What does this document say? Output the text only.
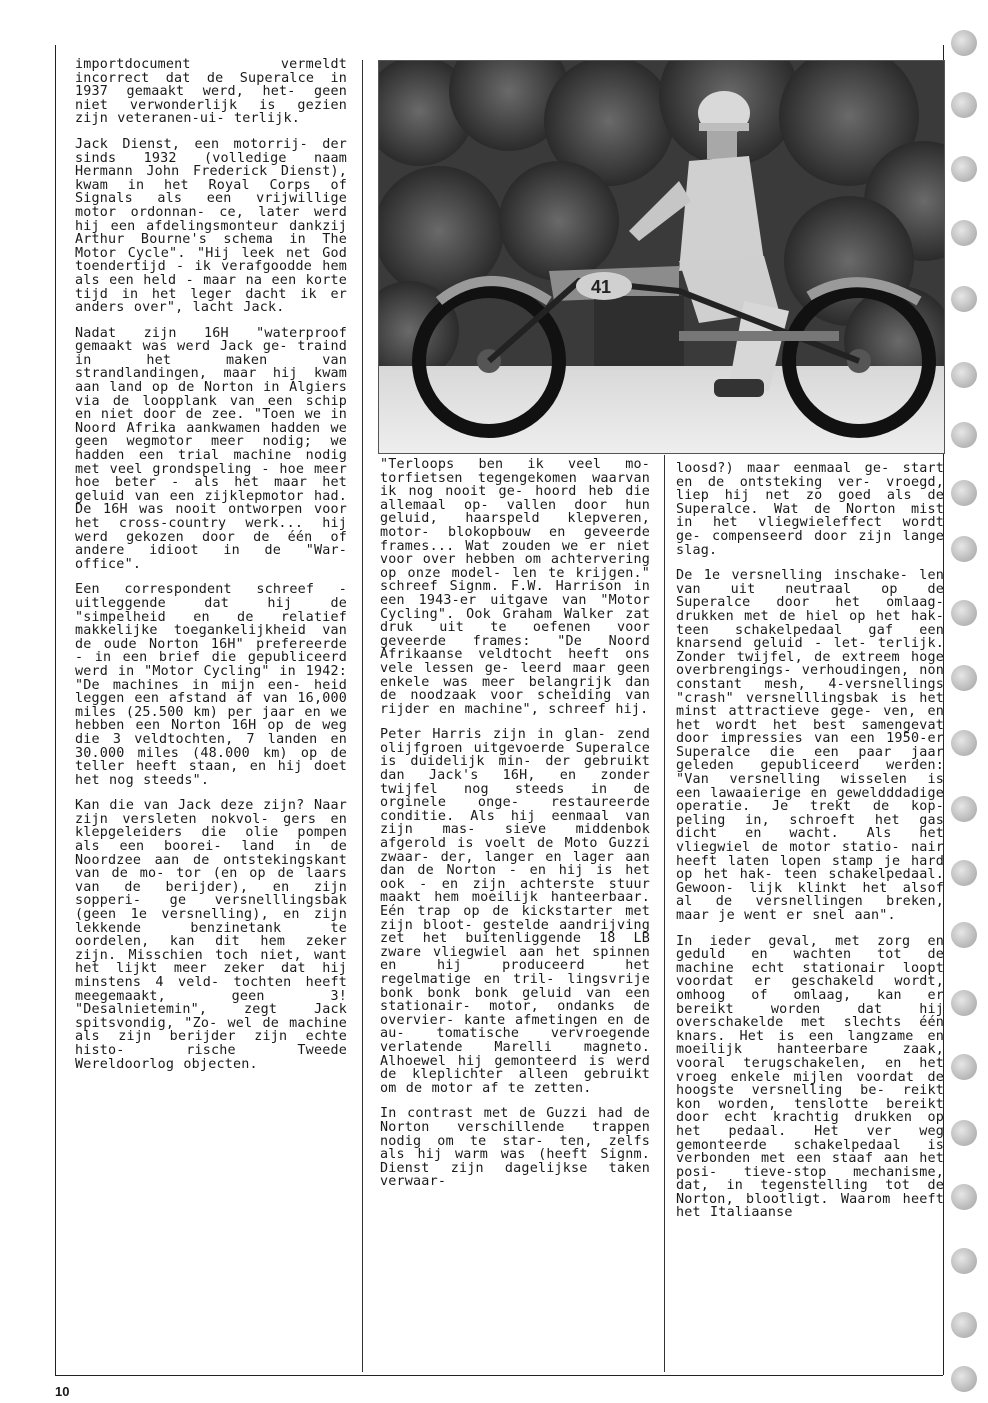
importdocument vermeldt incorrect dat de Superalce in 1937 gemaakt werd, het- geen niet verwonderlijk is gezien zijn veteranen-ui- terlijk.

Jack Dienst, een motorrij- der sinds 1932 (volledige naam Hermann John Frederick Dienst), kwam in het Royal Corps of Signals als een vrijwillige motor ordonnan- ce, later werd hij een afdelingsmonteur dankzij Arthur Bourne's schema in The Motor Cycle". "Hij leek net God toendertijd - ik verafgoodde hem als een held - maar na een korte tijd in het leger dacht ik er anders over", lacht Jack.

Nadat zijn 16H "waterproof gemaakt was werd Jack ge- traind in het maken van strandlandingen, maar hij kwam aan land op de Norton in Algiers via de loopplank van een schip en niet door de zee. "Toen we in Noord Afrika aankwamen hadden we geen wegmotor meer nodig; we hadden een trial machine nodig met veel grondspeling - hoe meer hoe beter - als het maar het geluid van een zijklepmotor had. De 16H was nooit ontworpen voor het cross-country werk... hij werd gekozen door de één of andere idioot in de "War-office".

Een correspondent schreef - uitleggende dat hij de "simpelheid en de relatief makkelijke toegankelijkheid van de oude Norton 16H" prefereerde - in een brief die gepubliceerd werd in "Motor Cycling" in 1942: "De machines in mijn een- heid leggen een afstand af van 16,000 miles (25.500 km) per jaar en we hebben een Norton 16H op de weg die 3 veldtochten, 7 landen en 30.000 miles (48.000 km) op de teller heeft staan, en hij doet het nog steeds".

Kan die van Jack deze zijn? Naar zijn versleten nokvol- gers en klepgeleiders die olie pompen als een boorei- land in de Noordzee aan de ontstekingskant van de mo- tor (en op de laars van de berijder), en zijn sopperi- ge versnelllingsbak (geen 1e versnelling), en zijn lekkende benzinetank te oordelen, kan dit hem zeker zijn. Misschien toch niet, want het lijkt meer zeker dat hij minstens 4 veld- tochten heeft meegemaakt, geen 3! "Desalnietemin", zegt Jack spitsvondig, "Zo- wel de machine als zijn berijder zijn echte histo- rische Tweede Wereldoorlog objecten.

41

"Terloops ben ik veel mo- torfietsen tegengekomen waarvan ik nog nooit ge- hoord heb die allemaal op- vallen door hun geluid, haarspeld klepveren, motor- blokopbouw en geveerde frames... Wat zouden we er niet voor over hebben om achtervering op onze model- len te krijgen." schreef Signm. F.W. Harrison in een 1943-er uitgave van "Motor Cycling". Ook Graham Walker zat druk uit te oefenen voor geveerde frames: "De Noord Afrikaanse veldtocht heeft ons vele lessen ge- leerd maar geen enkele was meer belangrijk dan de noodzaak voor scheiding van rijder en machine", schreef hij.

Peter Harris zijn in glan- zend olijfgroen uitgevoerde Superalce is duidelijk min- der gebruikt dan Jack's 16H, en zonder twijfel nog steeds in de orginele onge- restaureerde conditie. Als hij eenmaal van zijn mas- sieve middenbok afgerold is voelt de Moto Guzzi zwaar- der, langer en lager aan dan de Norton - en hij is het ook - en zijn achterste stuur maakt hem moeilijk hanteerbaar. Eén trap op de kickstarter met zijn bloot- gestelde aandrijving zet het buitenliggende 18 LB zware vliegwiel aan het spinnen en hij produceerd het regelmatige en tril- lingsvrije bonk bonk bonk geluid van een stationair- motor, ondanks de overvier- kante afmetingen en de au- tomatische vervroegende verlatende Marelli magneto. Alhoewel hij gemonteerd is werd de kleplichter alleen gebruikt om de motor af te zetten.

In contrast met de Guzzi had de Norton verschillende trappen nodig om te star- ten, zelfs als hij warm was (heeft Signm. Dienst zijn dagelijkse taken verwaar-

loosd?) maar eenmaal ge- start en de ontsteking ver- vroegd, liep hij net zo goed als de Superalce. Wat de Norton mist in het vliegwieleffect wordt ge- compenseerd door zijn lange slag.

De 1e versnelling inschake- len van uit neutraal op de Superalce door het omlaag- drukken met de hiel op het hak-teen schakelpedaal gaf een knarsend geluid - let- terlijk. Zonder twijfel, de extreem hoge overbrengings- verhoudingen, non constant mesh, 4-versnellings "crash" versnelllingsbak is het minst attractieve gege- ven, en het wordt het best samengevat door impressies van een 1950-er Superalce die een paar jaar geleden gepubliceerd werden: "Van versnelling wisselen is een lawaaierige en geweldddadige operatie. Je trekt de kop- peling in, schroeft het gas dicht en wacht. Als het vliegwiel de motor statio- nair heeft laten lopen stamp je hard op het hak- teen schakelpedaal. Gewoon- lijk klinkt het alsof al de versnellingen breken, maar je went er snel aan".

In ieder geval, met zorg en geduld en wachten tot de machine echt stationair loopt voordat er geschakeld wordt, omhoog of omlaag, kan er bereikt worden dat hij overschakelde met slechts één knars. Het is een langzame en moeilijk hanteerbare zaak, vooral terugschakelen, en het vroeg enkele mijlen voordat de hoogste versnelling be- reikt kon worden, tenslotte bereikt door echt krachtig drukken op het pedaal. Het ver weg gemonteerde schakelpedaal is verbonden met een staaf aan het posi- tieve-stop mechanisme, dat, in tegenstelling tot de Norton, blootligt. Waarom heeft het Italiaanse

10
